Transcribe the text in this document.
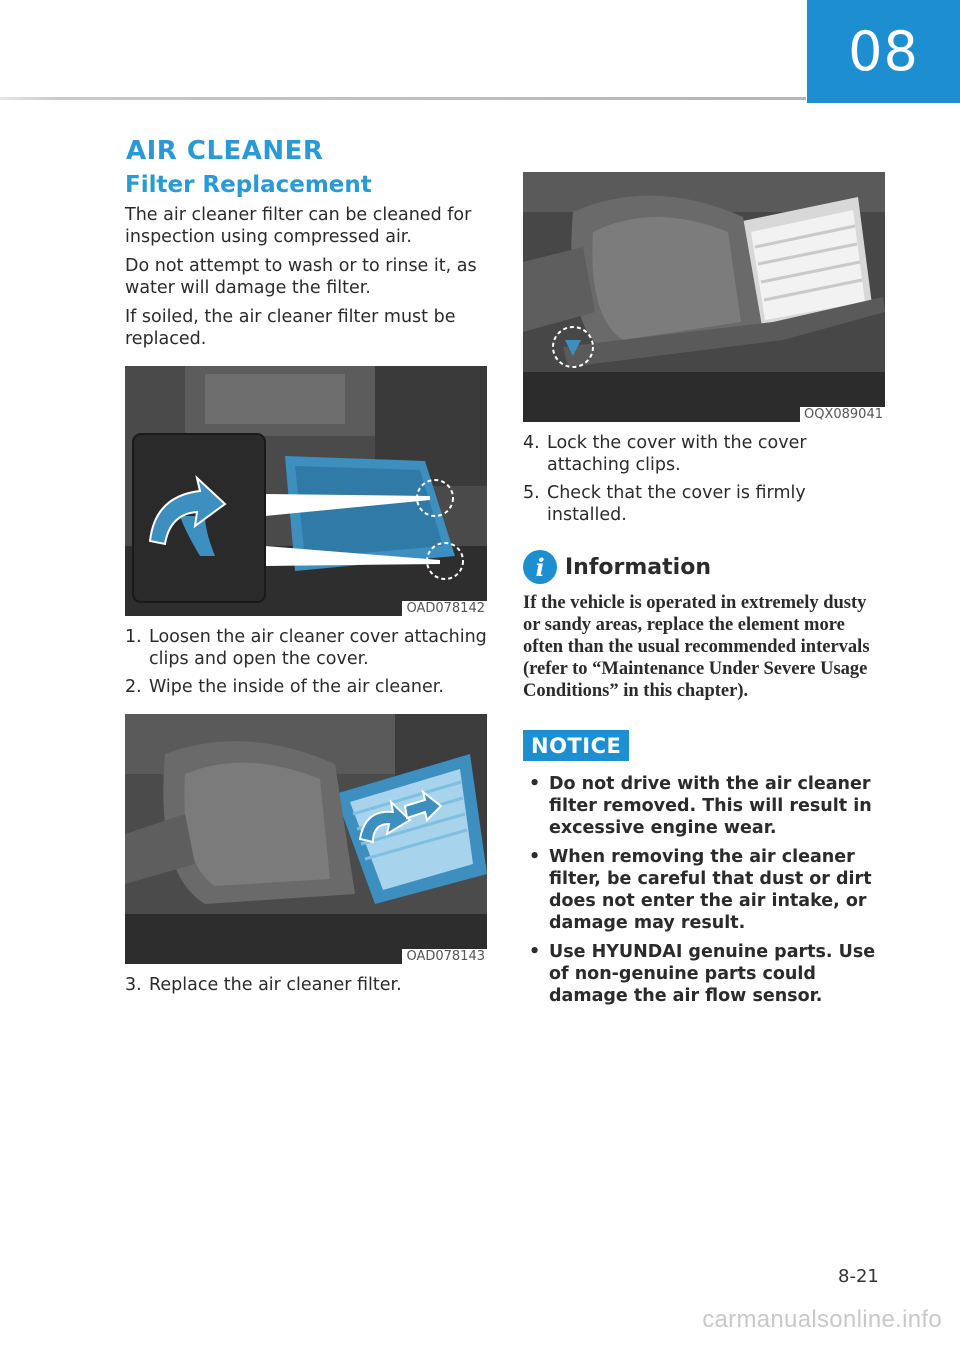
08
AIR CLEANER
Filter Replacement

The air cleaner filter can be cleaned for inspection using compressed air.

Do not attempt to wash or to rinse it, as water will damage the filter.

If soiled, the air cleaner filter must be replaced.

OAD078142
1. Loosen the air cleaner cover attaching clips and open the cover.
2. Wipe the inside of the air cleaner.
OAD078143
3. Replace the air cleaner filter.
OQX089041
4. Lock the cover with the cover attaching clips.
5. Check that the cover is firmly installed.
i Information
If the vehicle is operated in extremely dusty or sandy areas, replace the element more often than the usual recommended intervals (refer to “Maintenance Under Severe Usage Conditions” in this chapter).
NOTICE
• Do not drive with the air cleaner filter removed. This will result in excessive engine wear.
• When removing the air cleaner filter, be careful that dust or dirt does not enter the air intake, or damage may result.
• Use HYUNDAI genuine parts. Use of non-genuine parts could damage the air flow sensor.
8-21
carmanualsonline.info
